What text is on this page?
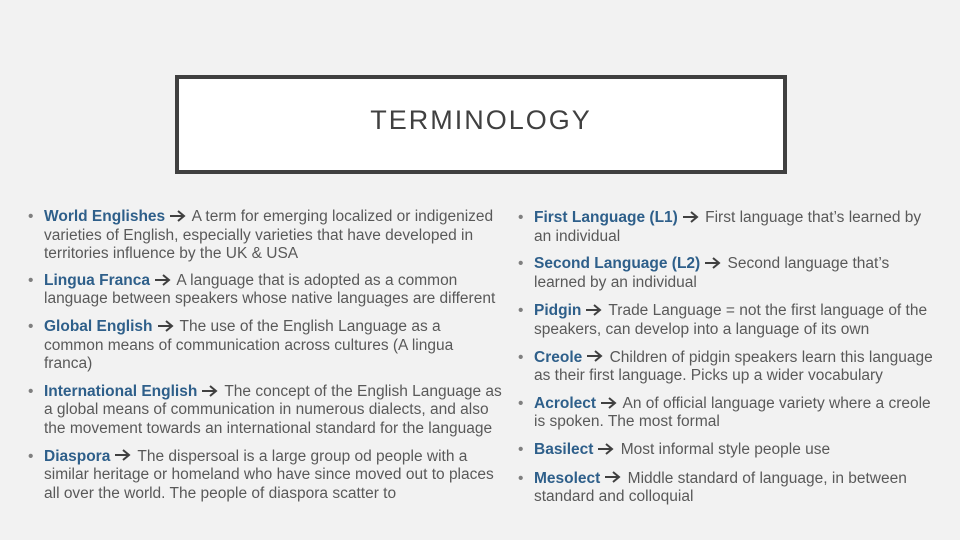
TERMINOLOGY
• World Englishes A term for emerging localized or indigenized varieties of English, especially varieties that have developed in territories influence by the UK & USA
• Lingua Franca A language that is adopted as a common language between speakers whose native languages are different
• Global English The use of the English Language as a common means of communication across cultures (A lingua franca)
• International English The concept of the English Language as a global means of communication in numerous dialects, and also the movement towards an international standard for the language
• Diaspora The dispersoal is a large group od people with a similar heritage or homeland who have since moved out to places all over the world. The people of diaspora scatter to
• First Language (L1) First language that’s learned by an individual
• Second Language (L2) Second language that’s learned by an individual
• Pidgin Trade Language = not the first language of the speakers, can develop into a language of its own
• Creole Children of pidgin speakers learn this language as their first language. Picks up a wider vocabulary
• Acrolect An of official language variety where a creole is spoken. The most formal
• Basilect Most informal style people use
• Mesolect Middle standard of language, in between standard and colloquial
